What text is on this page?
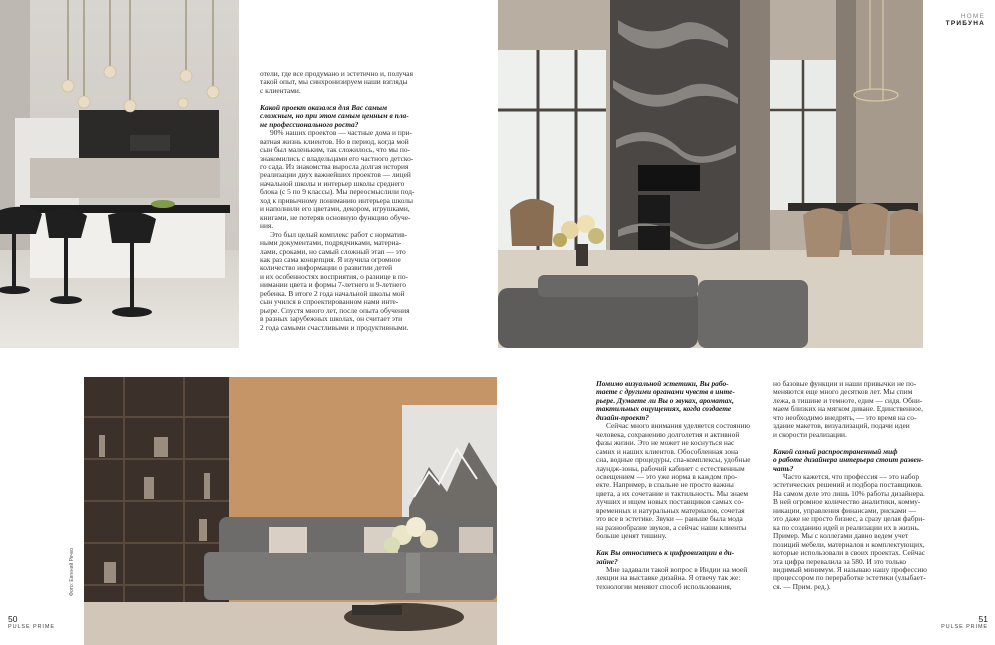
отели, где все продумано и эстетично и, получая

такой опыт, мы синхронизируем наши взгляды

с клиентами.

Какой проект оказался для Вас самым

сложным, но при этом самым ценным в пла-

не профессионального роста?

90% наших проектов — частные дома и при-

ватная жизнь клиентов. Но в период, когда мой

сын был маленьким, так сложилось, что мы по-

знакомились с владельцами его частного детско-

го сада. Из знакомства выросла долгая история

реализации двух важнейших проектов — лицей

начальной школы и интерьер школы среднего

блока (с 5 по 9 классы). Мы переосмыслили под-

ход к привычному пониманию интерьера школы

и наполнили его цветами, декором, игрушками,

книгами, не потеряв основную функцию обуче-

ния.

Это был целый комплекс работ с норматив-

ными документами, подрядчиками, материа-

лами, сроками, но самый сложный этап — это

как раз сама концепция. Я изучила огромное

количество информации о развитии детей

и их особенностях восприятия, о разнице в по-

нимании цвета и формы 7-летнего и 9-летнего

ребенка. В итоге 2 года начальной школы мой

сын учился в спроектированном нами интe-

рьере. Спустя много лет, после опыта обучения

в разных зарубежных школах, он считает эти

2 года самыми счастливыми и продуктивными.

Фото: Евгений Речко
50
PULSE PRIME
HOME
ТРИБУНА

Помимо визуальной эстетики, Вы рабо-

таете с другими органами чувств в инте-

рьере. Думаете ли Вы о звуках, ароматах,

тактильных ощущениях, когда создаете

дизайн-проект?

Сейчас много внимания уделяется состоянию

человека, сохранению долголетия и активной

фазы жизни. Это не может не коснуться нас

самих и наших клиентов. Обособленная зона

сна, водные процедуры, спа-комплексы, удобные

лаундж-зоны, рабочий кабинет с естественным

освещением — это уже норма в каждом про-

екте. Например, в спальне не просто важны

цвета, а их сочетание и тактильность. Мы знаем

лучших и ищем новых поставщиков самых со-

временных и натуральных материалов, сочетая

это все в эстетике. Звуки — раньше была мода

на разнообразие звуков, а сейчас наши клиенты

больше ценят тишину.

Как Вы относитесь к цифровизации в ди-

зайне?

Мне задавали такой вопрос в Индии на моей

лекции на выставке дизайна. Я отвечу так же:

технологии меняют способ использования,

но базовые функции и наши привычки не по-

меняются еще много десятков лет. Мы спим

лежа, в тишине и темноте, едим — сидя. Обни-

маем близких на мягком диване. Единственное,

что необходимо внедрять, — это время на со-

здание макетов, визуализаций, подачи идеи

и скорости реализации.

Какой самый распространенный миф

о работе дизайнера интерьера стоит развен-

чать?

Часто кажется, что профессия — это набор

эстетических решений и подбора поставщиков.

На самом деле это лишь 10% работы дизайнера.

В ней огромное количество аналитики, комму-

никации, управления финансами, рисками —

это даже не просто бизнес, а сразу целая фабри-

ка по созданию идей и реализации их в жизнь.

Пример. Мы с коллегами давно ведем учет

позиций мебели, материалов и комплектующих,

которые использовали в своих проектах. Сейчас

эта цифра перевалила за 580. И это только

видимый минимум. Я называю нашу профессию

процессором по переработке эстетики (улыбает-

ся. — Прим. ред.).

51
PULSE PRIME
